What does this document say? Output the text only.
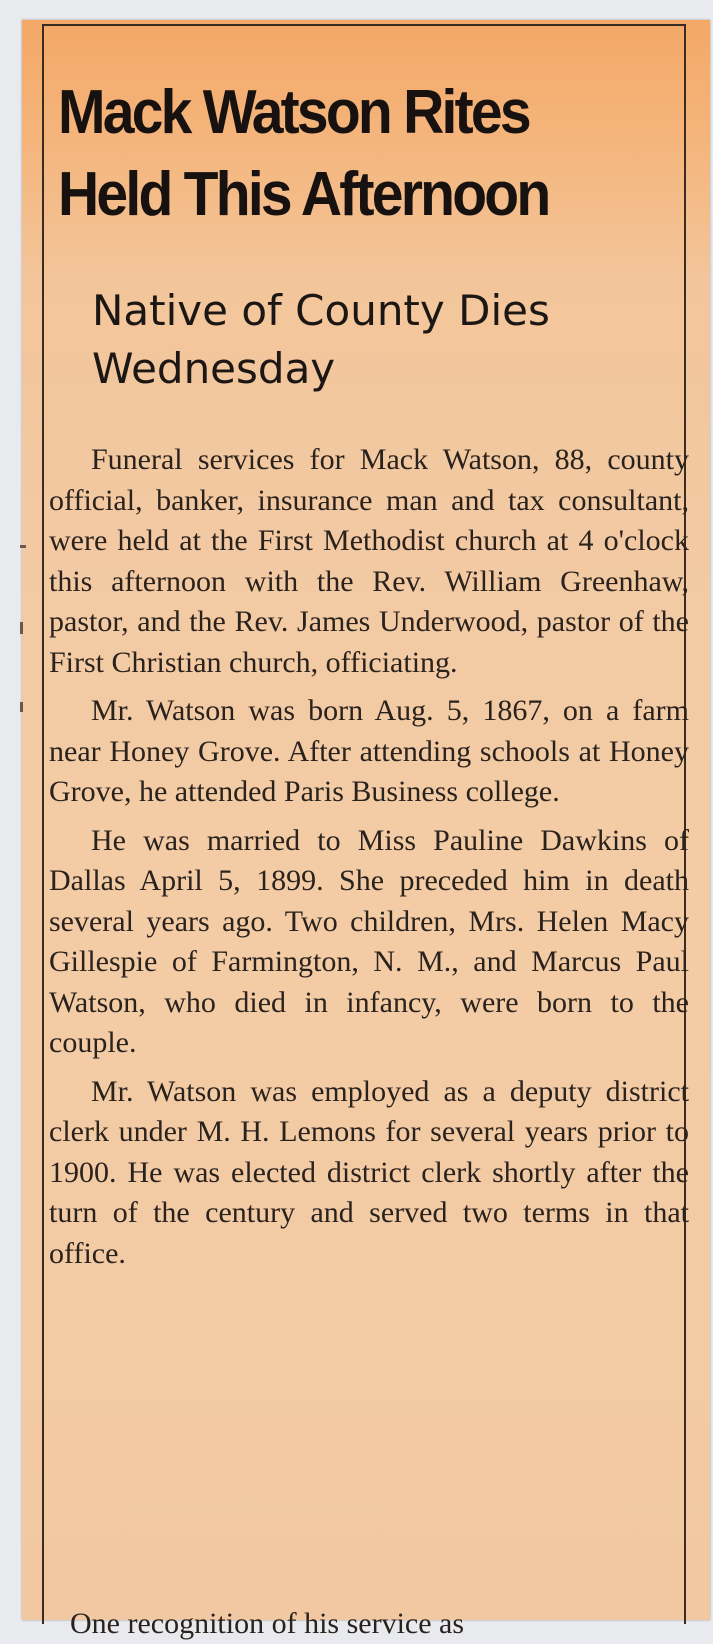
Mack Watson Rites Held This Afternoon
Native of County Dies Wednesday

Funeral services for Mack Watson, 88, county official, banker, insurance man and tax consultant, were held at the First Methodist church at 4 o'clock this afternoon with the Rev. William Greenhaw, pastor, and the Rev. James Underwood, pastor of the First Christian church, officiating.

Mr. Watson was born Aug. 5, 1867, on a farm near Honey Grove. After attending schools at Honey Grove, he attended Paris Business college.

He was married to Miss Pauline Dawkins of Dallas April 5, 1899. She preceded him in death several years ago. Two children, Mrs. Helen Macy Gillespie of Farmington, N. M., and Marcus Paul Watson, who died in infancy, were born to the couple.

Mr. Watson was employed as a deputy district clerk under M. H. Lemons for several years prior to 1900. He was elected district clerk shortly after the turn of the century and served two terms in that office.

One recognition of his service as
